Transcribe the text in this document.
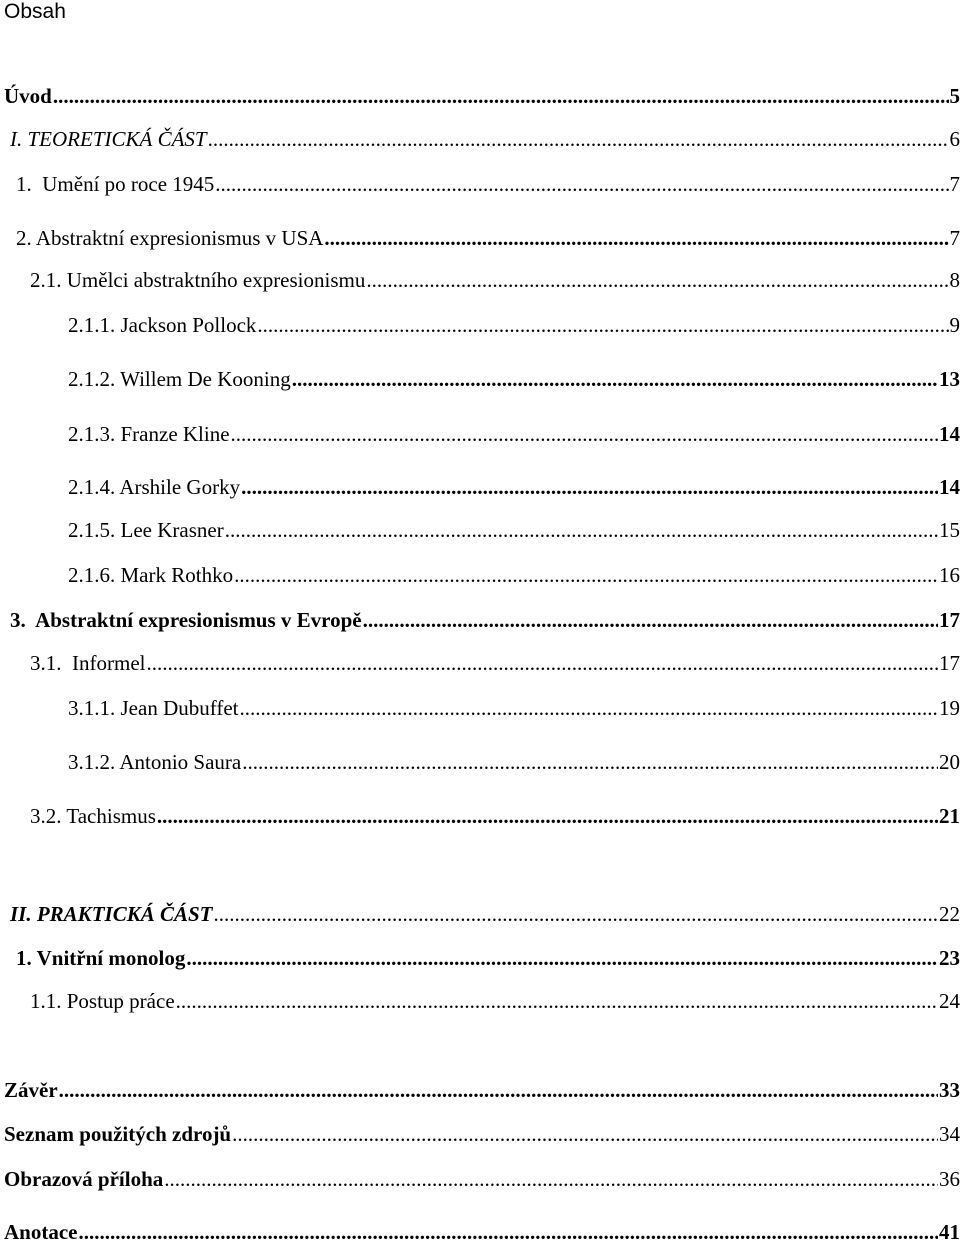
Obsah
Úvod .....	5
I. TEORETICKÁ ČÁST .....	6
1.  Umění po roce 1945 .....	7
2. Abstraktní expresionismus v USA .....	7
2.1. Umělci abstraktního expresionismu .....	8
2.1.1. Jackson Pollock .....	9
2.1.2. Willem De Kooning .....	13
2.1.3. Franze Kline .....	14
2.1.4. Arshile Gorky .....	14
2.1.5. Lee Krasner .....	15
2.1.6. Mark Rothko .....	16
3.  Abstraktní expresionismus v Evropě .....	17
3.1.  Informel .....	17
3.1.1. Jean Dubuffet .....	19
3.1.2. Antonio Saura .....	20
3.2. Tachismus .....	21
II. PRAKTICKÁ ČÁST .....	22
1. Vnitřní monolog .....	23
1.1. Postup práce .....	24
Závěr .....	33
Seznam použitých zdrojů .....	34
Obrazová příloha .....	36
Anotace .....	41
